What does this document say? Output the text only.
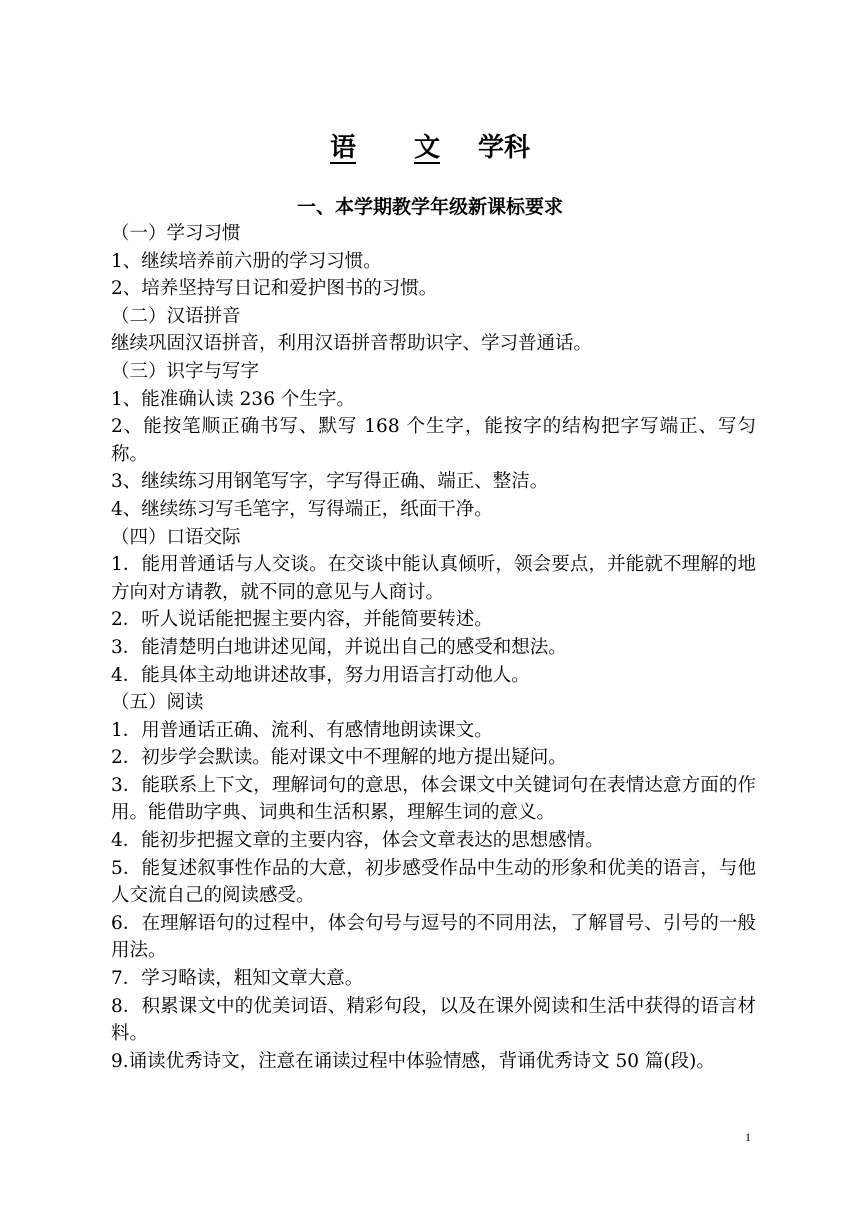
语 文 学科
一、本学期教学年级新课标要求

（一）学习习惯

1、继续培养前六册的学习习惯。

2、培养坚持写日记和爱护图书的习惯。

（二）汉语拼音

继续巩固汉语拼音，利用汉语拼音帮助识字、学习普通话。

（三）识字与写字

1、能准确认读 236 个生字。

2、能按笔顺正确书写、默写 168 个生字，能按字的结构把字写端正、写匀称。

3、继续练习用钢笔写字，字写得正确、端正、整洁。

4、继续练习写毛笔字，写得端正，纸面干净。

（四）口语交际

1．能用普通话与人交谈。在交谈中能认真倾听，领会要点，并能就不理解的地方向对方请教，就不同的意见与人商讨。

2．听人说话能把握主要内容，并能简要转述。

3．能清楚明白地讲述见闻，并说出自己的感受和想法。

4．能具体主动地讲述故事，努力用语言打动他人。

（五）阅读

1．用普通话正确、流利、有感情地朗读课文。

2．初步学会默读。能对课文中不理解的地方提出疑问。

3．能联系上下文，理解词句的意思，体会课文中关键词句在表情达意方面的作用。能借助字典、词典和生活积累，理解生词的意义。

4．能初步把握文章的主要内容，体会文章表达的思想感情。

5．能复述叙事性作品的大意，初步感受作品中生动的形象和优美的语言，与他人交流自己的阅读感受。

6．在理解语句的过程中，体会句号与逗号的不同用法，了解冒号、引号的一般用法。

7．学习略读，粗知文章大意。

8．积累课文中的优美词语、精彩句段，以及在课外阅读和生活中获得的语言材料。

9.诵读优秀诗文，注意在诵读过程中体验情感，背诵优秀诗文 50 篇(段)。

1
